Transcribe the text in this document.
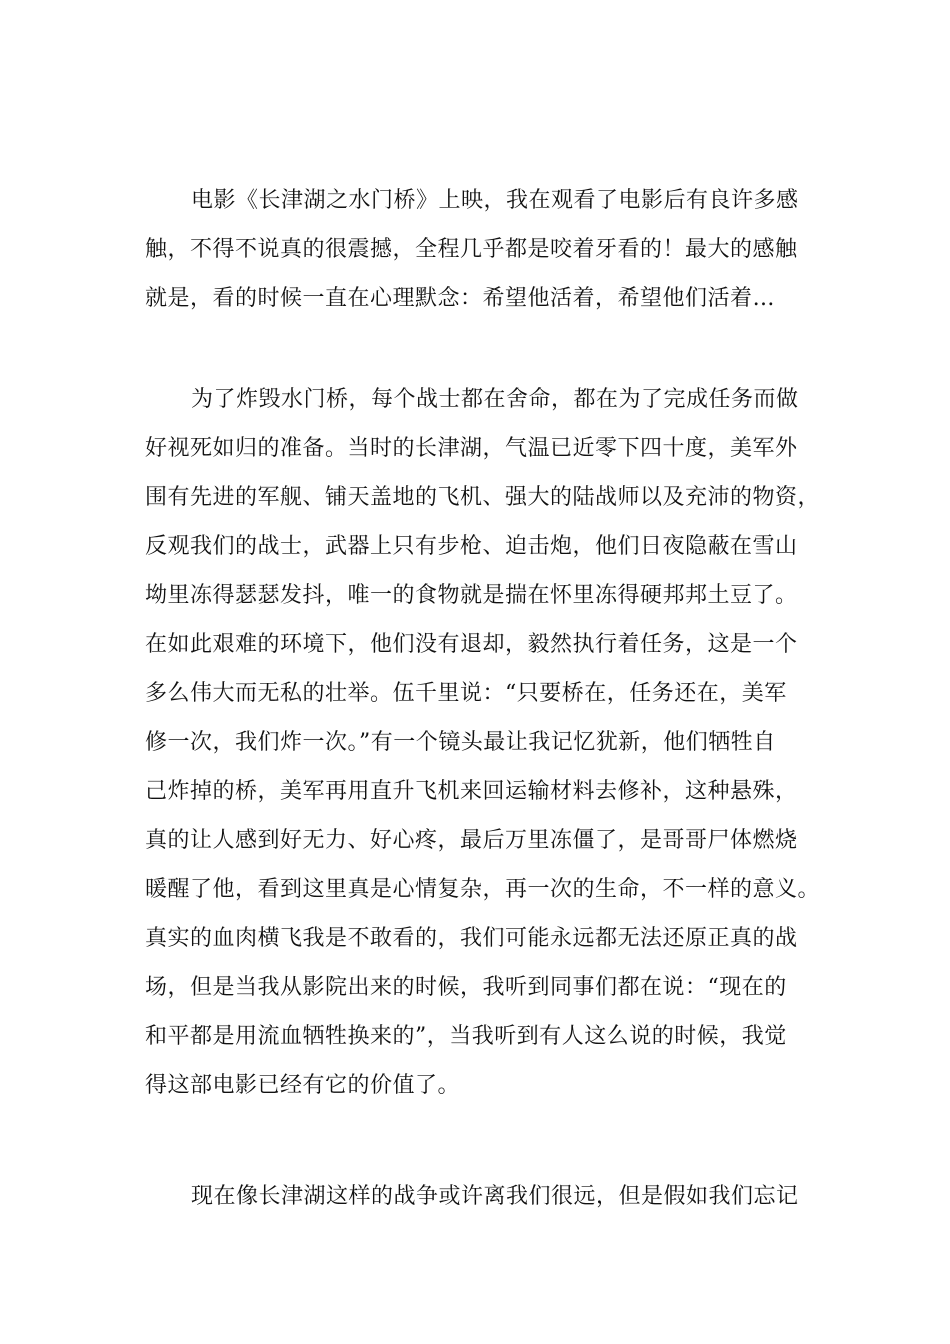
电影《长津湖之水门桥》上映，我在观看了电影后有良许多感
触，不得不说真的很震撼，全程几乎都是咬着牙看的！最大的感触
就是，看的时候一直在心理默念：希望他活着，希望他们活着…
为了炸毁水门桥，每个战士都在舍命，都在为了完成任务而做
好视死如归的准备。当时的长津湖，气温已近零下四十度，美军外
围有先进的军舰、铺天盖地的飞机、强大的陆战师以及充沛的物资，
反观我们的战士，武器上只有步枪、迫击炮，他们日夜隐蔽在雪山
坳里冻得瑟瑟发抖，唯一的食物就是揣在怀里冻得硬邦邦土豆了。
在如此艰难的环境下，他们没有退却，毅然执行着任务，这是一个
多么伟大而无私的壮举。伍千里说：“只要桥在，任务还在，美军
修一次，我们炸一次。”有一个镜头最让我记忆犹新，他们牺牲自
己炸掉的桥，美军再用直升飞机来回运输材料去修补，这种悬殊，
真的让人感到好无力、好心疼，最后万里冻僵了，是哥哥尸体燃烧
暖醒了他，看到这里真是心情复杂，再一次的生命，不一样的意义。
真实的血肉横飞我是不敢看的，我们可能永远都无法还原正真的战
场，但是当我从影院出来的时候，我听到同事们都在说：“现在的
和平都是用流血牺牲换来的”，当我听到有人这么说的时候，我觉
得这部电影已经有它的价值了。
现在像长津湖这样的战争或许离我们很远，但是假如我们忘记
